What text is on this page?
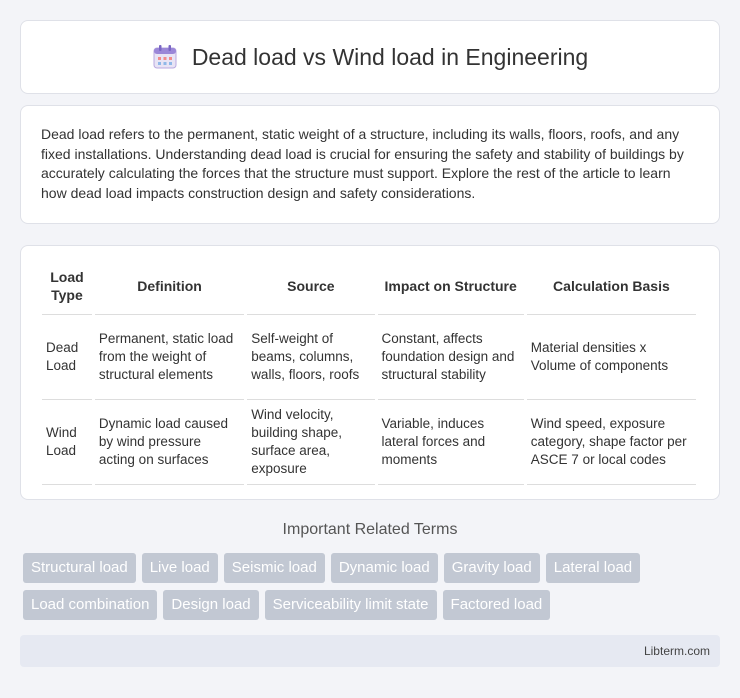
Dead load vs Wind load in Engineering

Dead load refers to the permanent, static weight of a structure, including its walls, floors, roofs, and any fixed installations. Understanding dead load is crucial for ensuring the safety and stability of buildings by accurately calculating the forces that the structure must support. Explore the rest of the article to learn how dead load impacts construction design and safety considerations.

Load Type	Definition	Source	Impact on Structure	Calculation Basis
Dead Load	Permanent, static load from the weight of structural elements	Self-weight of beams, columns, walls, floors, roofs	Constant, affects foundation design and structural stability	Material densities x Volume of components
Wind Load	Dynamic load caused by wind pressure acting on surfaces	Wind velocity, building shape, surface area, exposure	Variable, induces lateral forces and moments	Wind speed, exposure category, shape factor per ASCE 7 or local codes
Important Related Terms
Structural load	Live load	Seismic load	Dynamic load	Gravity load	Lateral load
Load combination	Design load	Serviceability limit state	Factored load
Libterm.com
